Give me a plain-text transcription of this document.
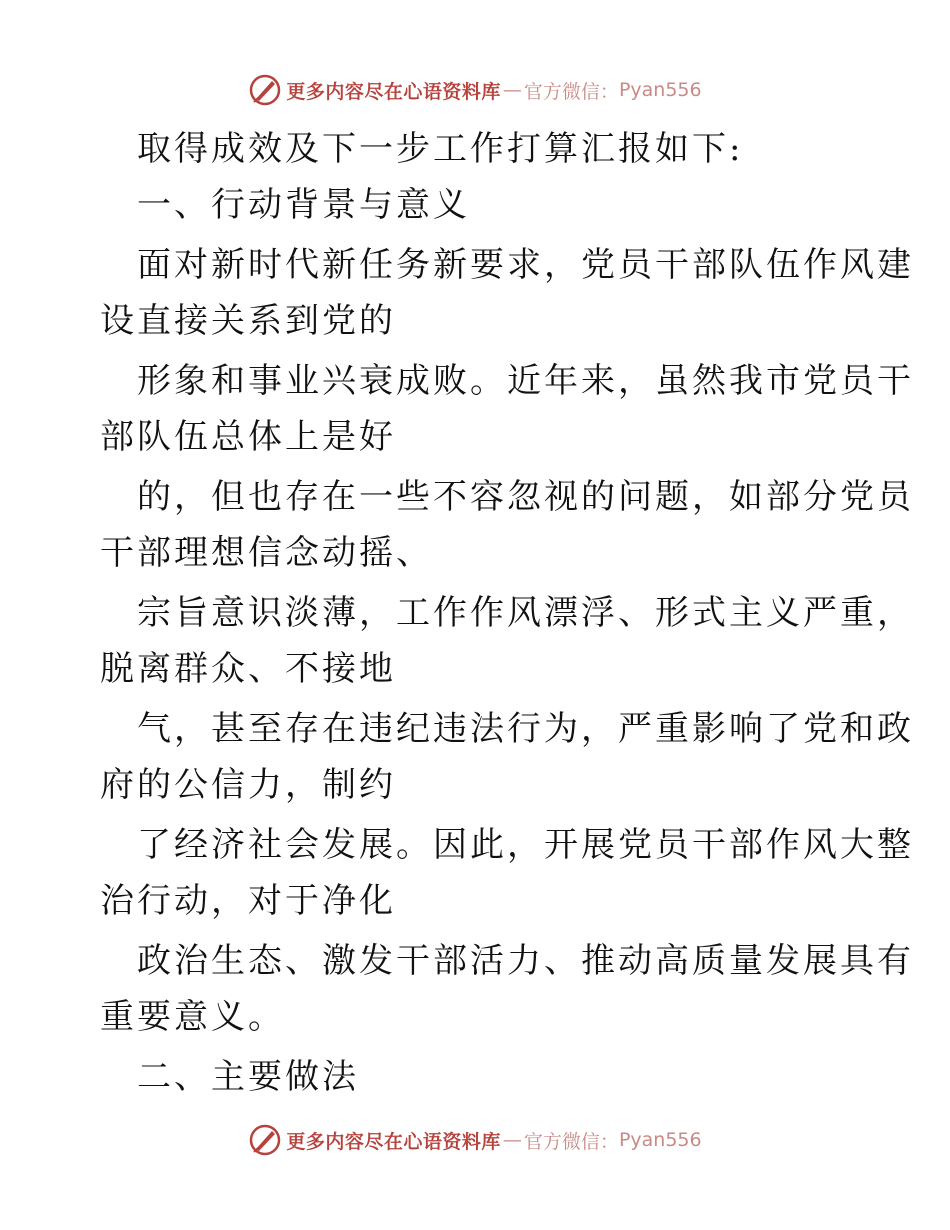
更多内容尽在心语资料库 — 官方微信： Pyan556
取得成效及下一步工作打算汇报如下:
一、行动背景与意义
面对新时代新任务新要求，党员干部队伍作风建
设直接关系到党的
形象和事业兴衰成败。近年来，虽然我市党员干
部队伍总体上是好
的，但也存在一些不容忽视的问题，如部分党员
干部理想信念动摇、
宗旨意识淡薄，工作作风漂浮、形式主义严重，
脱离群众、不接地
气，甚至存在违纪违法行为，严重影响了党和政
府的公信力，制约
了经济社会发展。因此，开展党员干部作风大整
治行动，对于净化
政治生态、激发干部活力、推动高质量发展具有
重要意义。
二、主要做法
更多内容尽在心语资料库 — 官方微信： Pyan556
